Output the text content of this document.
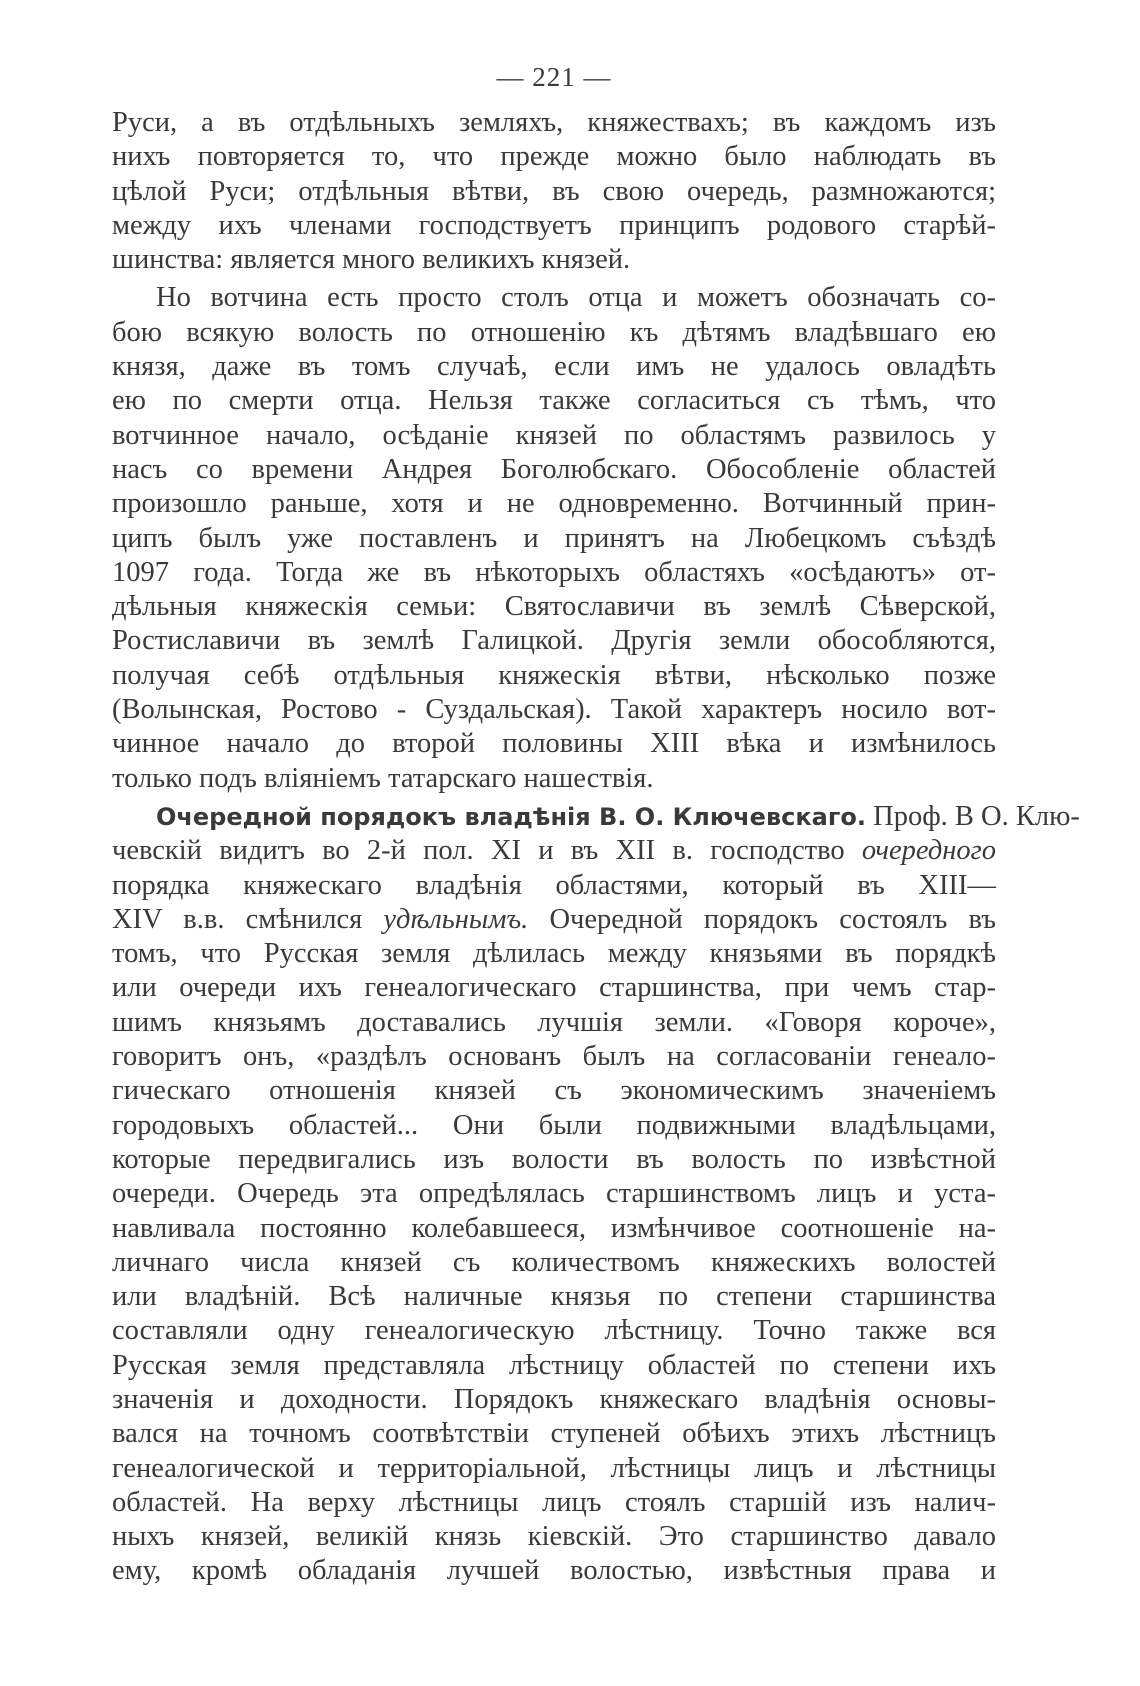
— 221 —
Руси, а въ отдѣльныхъ земляхъ, княжествахъ; въ каждомъ изъ
нихъ повторяется то, что прежде можно было наблюдать въ
цѣлой Руси; отдѣльныя вѣтви, въ свою очередь, размножаются;
между ихъ членами господствуетъ принципъ родового старѣй-
шинства: является много великихъ князей.
Но вотчина есть просто столъ отца и можетъ обозначать со-
бою всякую волость по отношенію къ дѣтямъ владѣвшаго ею
князя, даже въ томъ случаѣ, если имъ не удалось овладѣть
ею по смерти отца. Нельзя также согласиться съ тѣмъ, что
вотчинное начало, осѣданіе князей по областямъ развилось у
насъ со времени Андрея Боголюбскаго. Обособленіе областей
произошло раньше, хотя и не одновременно. Вотчинный прин-
ципъ былъ уже поставленъ и принятъ на Любецкомъ съѣздѣ
1097 года. Тогда же въ нѣкоторыхъ областяхъ «осѣдаютъ» от-
дѣльныя княжескія семьи: Святославичи въ землѣ Сѣверской,
Ростиславичи въ землѣ Галицкой. Другія земли обособляются,
получая себѣ отдѣльныя княжескія вѣтви, нѣсколько позже
(Волынская, Ростово - Суздальская). Такой характеръ носило вот-
чинное начало до второй половины XIII вѣка и измѣнилось
только подъ вліяніемъ татарскаго нашествія.
Очередной порядокъ владѣнія В. О. Ключевскаго. Проф. В О. Клю-
чевскій видитъ во 2-й пол. XI и въ XII в. господство очередного
порядка княжескаго владѣнія областями, который въ XIII—
XIV в.в. смѣнился удѣльнымъ. Очередной порядокъ состоялъ въ
томъ, что Русская земля дѣлилась между князьями въ порядкѣ
или очереди ихъ генеалогическаго старшинства, при чемъ стар-
шимъ князьямъ доставались лучшія земли. «Говоря короче»,
говоритъ онъ, «раздѣлъ основанъ былъ на согласованіи генеало-
гическаго отношенія князей съ экономическимъ значеніемъ
городовыхъ областей... Они были подвижными владѣльцами,
которые передвигались изъ волости въ волость по извѣстной
очереди. Очередь эта опредѣлялась старшинствомъ лицъ и уста-
навливала постоянно колебавшееся, измѣнчивое соотношеніе на-
личнаго числа князей съ количествомъ княжескихъ волостей
или владѣній. Всѣ наличные князья по степени старшинства
составляли одну генеалогическую лѣстницу. Точно также вся
Русская земля представляла лѣстницу областей по степени ихъ
значенія и доходности. Порядокъ княжескаго владѣнія основы-
вался на точномъ соотвѣтствіи ступеней обѣихъ этихъ лѣстницъ
генеалогической и территоріальной, лѣстницы лицъ и лѣстницы
областей. На верху лѣстницы лицъ стоялъ старшій изъ налич-
ныхъ князей, великій князь кіевскій. Это старшинство давало
ему, кромѣ обладанія лучшей волостью, извѣстныя права и
